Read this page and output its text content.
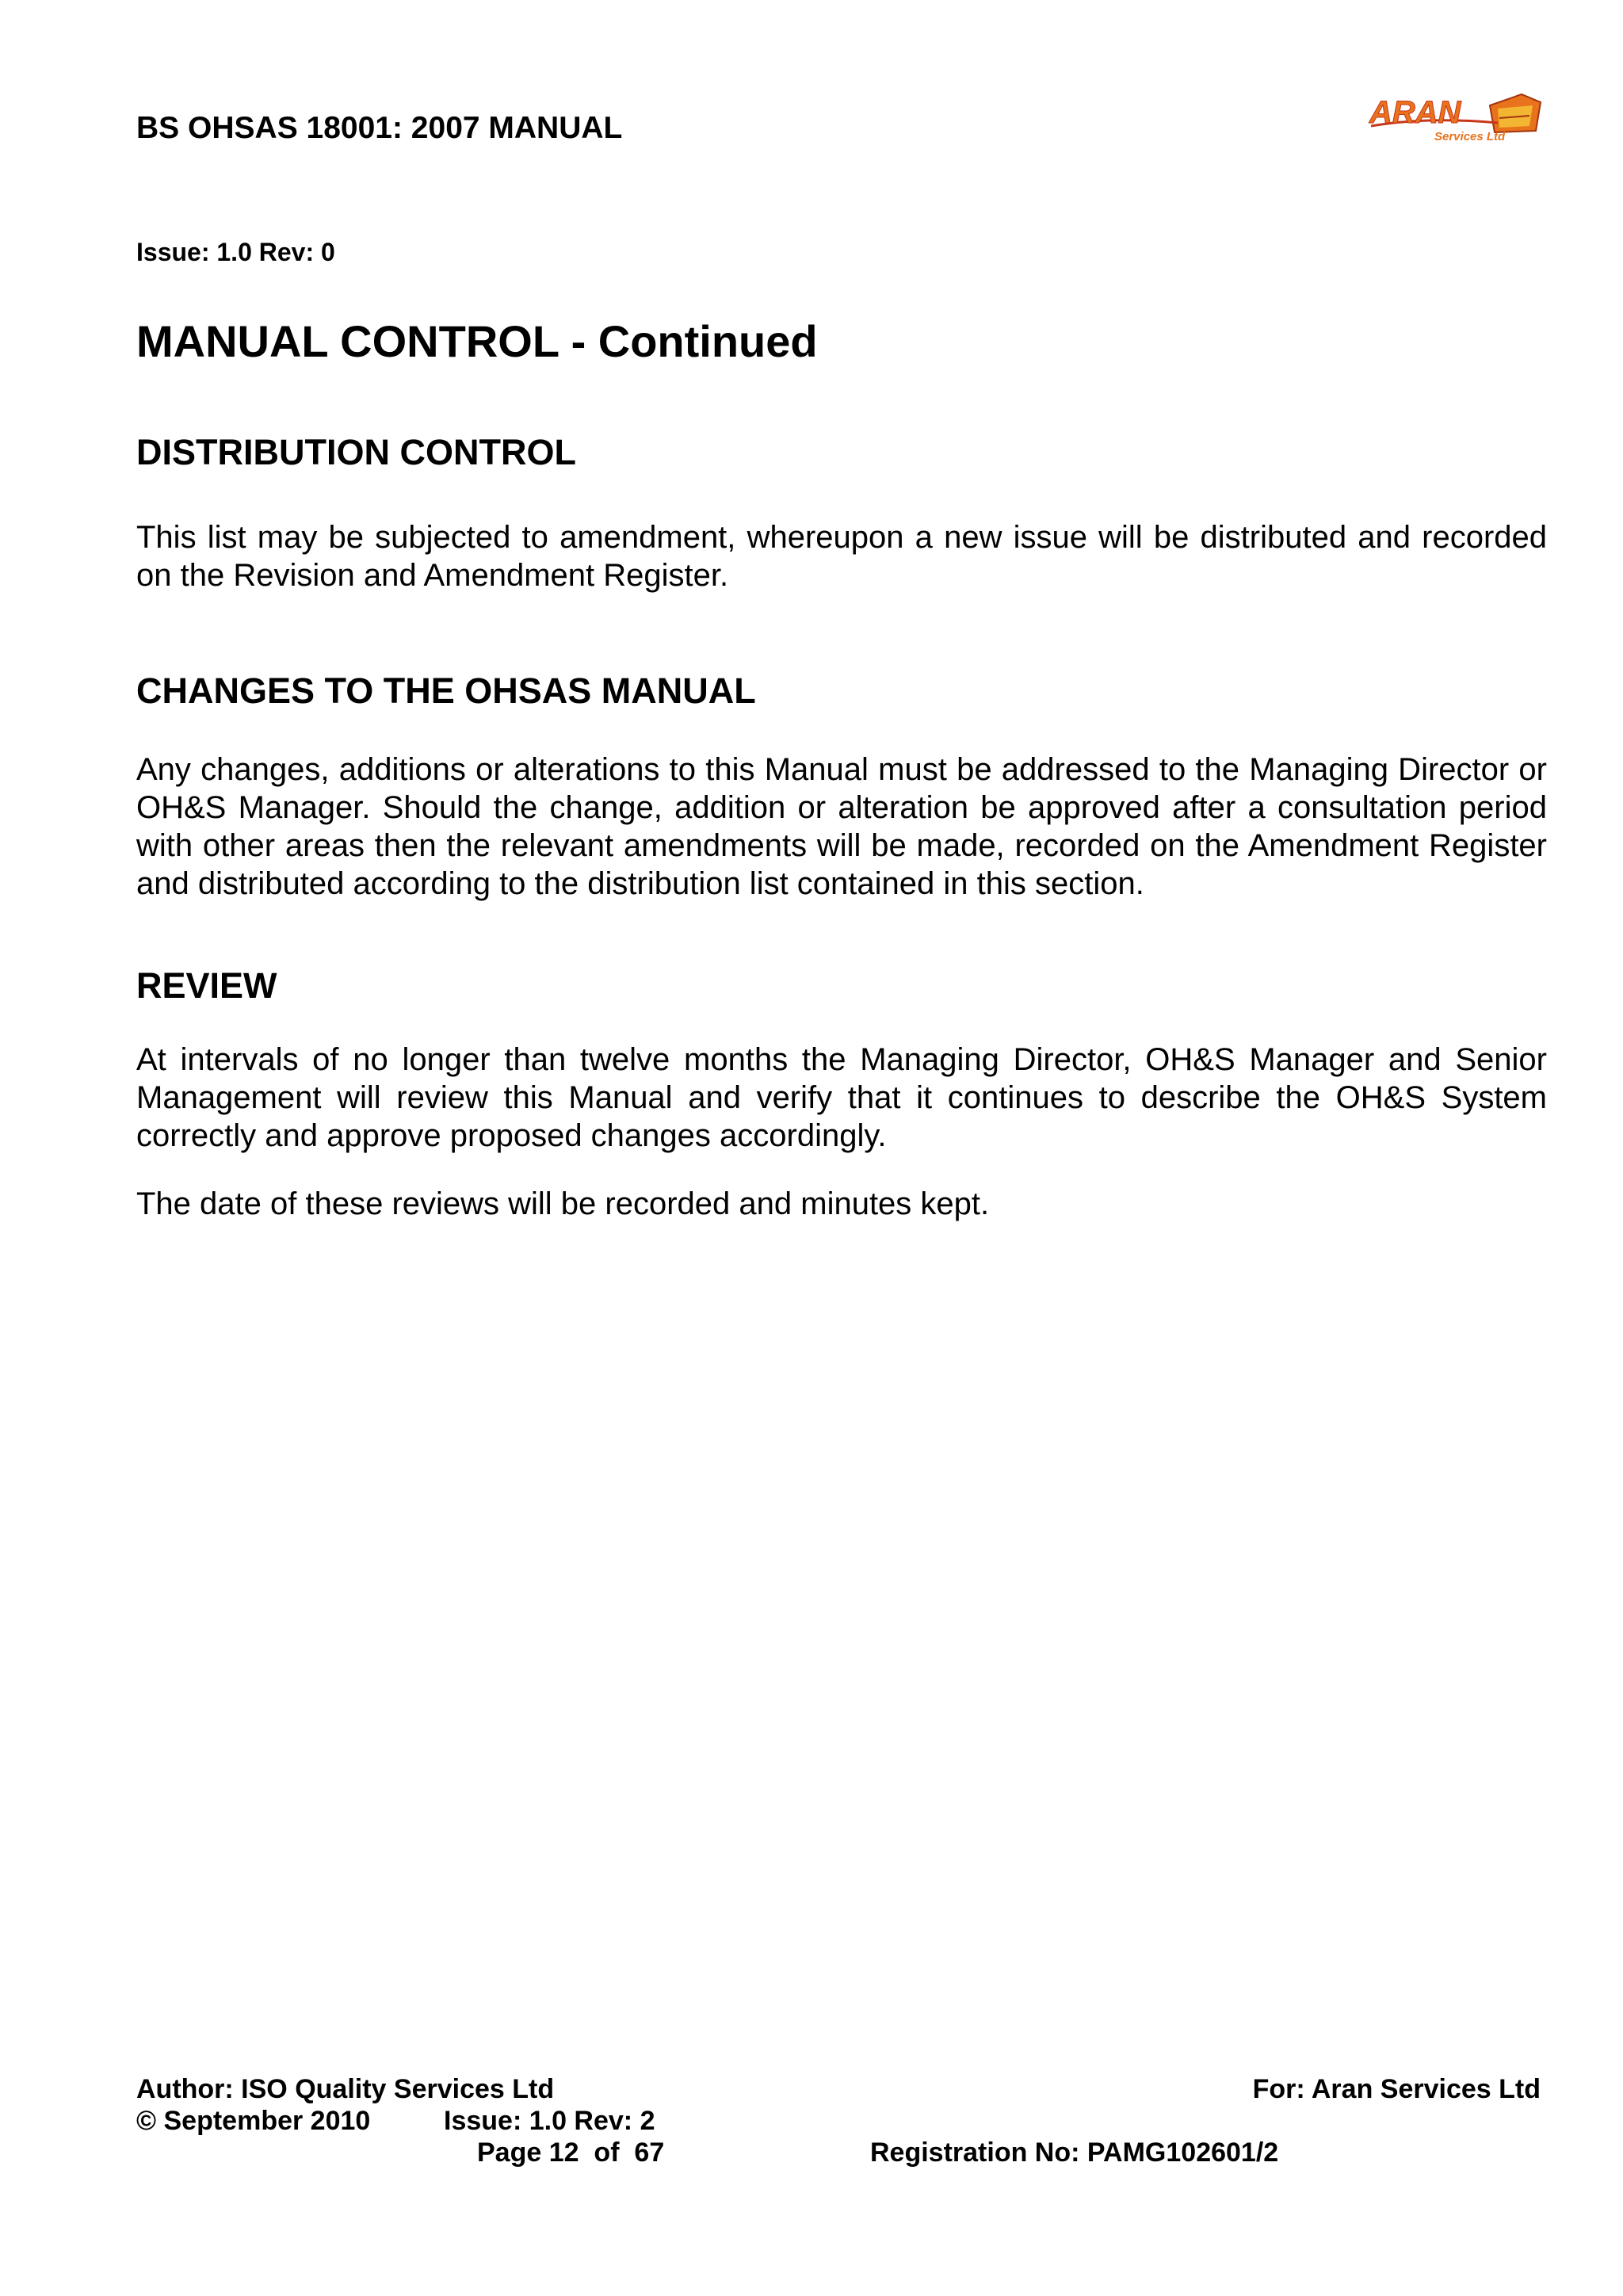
BS OHSAS 18001: 2007 MANUAL	ARAN
Services Ltd
Issue: 1.0 Rev: 0
MANUAL CONTROL - Continued
DISTRIBUTION CONTROL
This list may be subjected to amendment, whereupon a new issue will be distributed and recorded on the Revision and Amendment Register.
CHANGES TO THE OHSAS MANUAL
Any changes, additions or alterations to this Manual must be addressed to the Managing Director or OH&S Manager. Should the change, addition or alteration be approved after a consultation period with other areas then the relevant amendments will be made, recorded on the Amendment Register and distributed according to the distribution list contained in this section.
REVIEW
At intervals of no longer than twelve months the Managing Director, OH&S Manager and Senior Management will review this Manual and verify that it continues to describe the OH&S System correctly and approve proposed changes accordingly.
The date of these reviews will be recorded and minutes kept.
Author: ISO Quality Services Ltd	For: Aran Services Ltd
© September 2010	Issue: 1.0 Rev: 2
Page 12  of  67	Registration No: PAMG102601/2
